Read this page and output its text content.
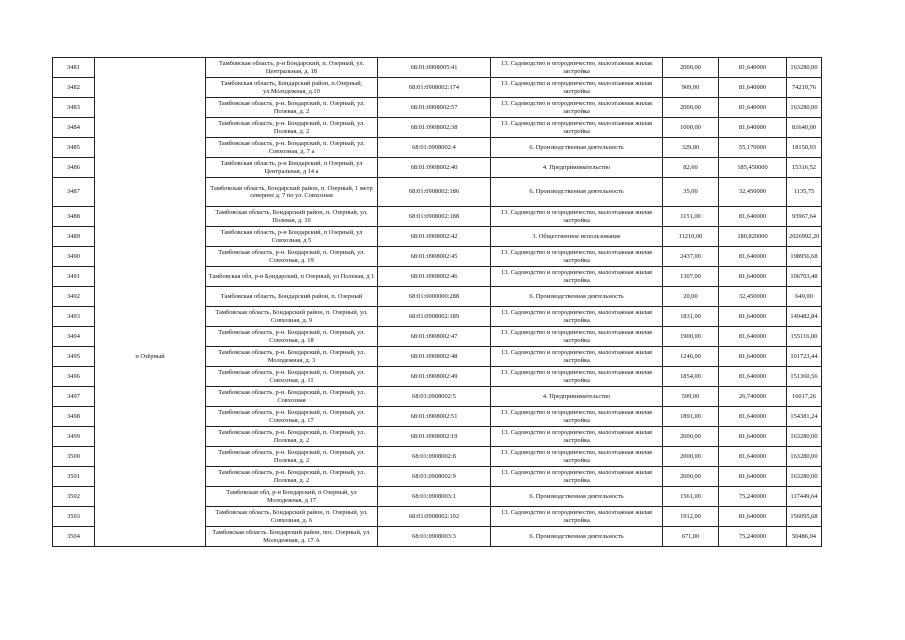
3481		Тамбовская область, р-н Бондарский, п. Озерный, ул. Центральная, д. 18	68:01:0908005:41	13. Садоводство и огородничество, малоэтажная жилая застройка	2000,00	81,640000	163280,00
3482		Тамбовская область, Бондарский район, п.Озерный, ул.Молодежная, д.10	68:01:0908002:174	13. Садоводство и огородничество, малоэтажная жилая застройка	909,00	81,640000	74210,76
3483		Тамбовская область, р-н. Бондарский, п. Озерный, ул. Полевая, д. 2	68:01:0908002:57	13. Садоводство и огородничество, малоэтажная жилая застройка	2000,00	81,640000	163280,00
3484		Тамбовская область, р-н. Бондарский, п. Озерный, ул. Полевая, д. 2	68:01:0908002:38	13. Садоводство и огородничество, малоэтажная жилая застройка	1000,00	81,640000	81640,00
3485		Тамбовская область, р-н. Бондарский, п. Озерный, ул. Совхозная, д. 7 а	68:01:0908002:4	6. Производственная деятельность	329,00	55,170000	18150,93
3486		Тамбовская область, р-н Бондарский, п Озерный, ул Центральная, д 14 а	68:01:0908002:40	4. Предпринимательство	82,60	185,450000	15316,52
3487		Тамбовская область, Бондарский район, п. Озерный, 1 метр севернее д. 7 по ул. Совхозная	68:01:0908002:186	6. Производственная деятельность	35,00	32,450000	1135,75
3488		Тамбовская область, Бондарский район, п. Озерный, ул. Полевая, д. 10	68:01:0908002:188	13. Садоводство и огородничество, малоэтажная жилая застройка	1151,00	81,640000	93967,64
3489		Тамбовская область, р-н Бондарский, п Озерный, ул Совхозная, д 5	68:01:0908002:42	3. Общественное использование	11210,00	180,820000	2026992,20
3490		Тамбовская область, р-н. Бондарский, п. Озерный, ул. Совхозная, д. 19	68:01:0908002:45	13. Садоводство и огородничество, малоэтажная жилая застройка	2437,00	81,640000	198956,68
3491		Тамбовская обл, р-н Бондарский, п Озерный, ул Полевая, д 1	68:01:0908002:46	13. Садоводство и огородничество, малоэтажная жилая застройка	1307,00	81,640000	106703,48
3492		Тамбовская область, Бондарский район, п. Озерный	68:01:0000000:288	6. Производственная деятельность	20,00	32,450000	649,00
3493		Тамбовская область, Бондарский район, п. Озерный, ул. Совхозная, д. 9	68:01:0908002:189	13. Садоводство и огородничество, малоэтажная жилая застройка	1831,00	81,640000	149482,84
3494		Тамбовская область, р-н. Бондарский, п. Озерный, ул. Совхозная, д. 18	68:01:0908002:47	13. Садоводство и огородничество, малоэтажная жилая застройка	1900,00	81,640000	155116,00
3495	п Озёрный	Тамбовская область, р-н. Бондарский, п. Озерный, ул. Молодежная, д. 3	68:01:0908002:48	13. Садоводство и огородничество, малоэтажная жилая застройка	1246,00	81,640000	101723,44
3496		Тамбовская область, р-н. Бондарский, п. Озерный, ул. Совхозная, д. 11	68:01:0908002:49	13. Садоводство и огородничество, малоэтажная жилая застройка	1854,00	81,640000	151360,56
3497		Тамбовская область, р-н. Бондарский, п. Озерный, ул. Совхозная	68:01:0908002:5	4. Предпринимательство	599,00	26,740000	16017,26
3498		Тамбовская область, р-н. Бондарский, п. Озерный, ул. Совхозная, д. 17	68:01:0908002:51	13. Садоводство и огородничество, малоэтажная жилая застройка	1891,00	81,640000	154381,24
3499		Тамбовская область, р-н. Бондарский, п. Озерный, ул. Полевая, д. 2	68:01:0908002:19	13. Садоводство и огородничество, малоэтажная жилая застройка	2000,00	81,640000	163280,00
3500		Тамбовская область, р-н. Бондарский, п. Озерный, ул. Полевая, д. 2	68:01:0908002:8	13. Садоводство и огородничество, малоэтажная жилая застройка	2000,00	81,640000	163280,00
3501		Тамбовская область, р-н. Бондарский, п. Озерный, ул. Полевая, д. 2	68:01:0908002:9	13. Садоводство и огородничество, малоэтажная жилая застройка	2000,00	81,640000	163280,00
3502		Тамбовская обл, р-н Бондарский, п Озерный, ул Молодежная, д 17	68:01:0908003:1	6. Производственная деятельность	1561,00	75,240000	117449,64
3503		Тамбовская область, Бондарский район, п. Озерный, ул. Совхозная, д. 6	68:01:0908002:192	13. Садоводство и огородничество, малоэтажная жилая застройка	1912,00	81,640000	156095,68
3504		Тамбовская область. Бондарский район, пос. Озерный, ул. Молодежная, д. 17 А	68:01:0908003:3	6. Производственная деятельность	671,00	75,240000	50486,04
